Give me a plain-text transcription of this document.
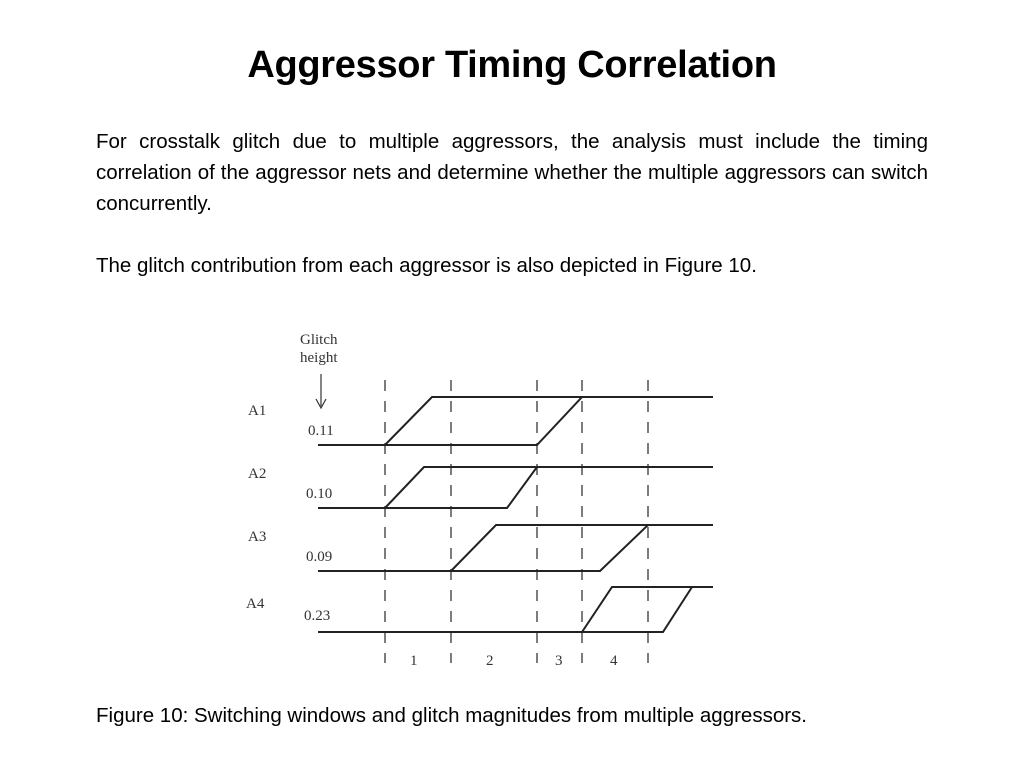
Aggressor Timing Correlation

For crosstalk glitch due to multiple aggressors, the analysis must include the timing correlation of the aggressor nets and determine whether the multiple aggressors can switch concurrently.

The glitch contribution from each aggressor is also depicted in Figure 10.

Glitch
height
A1
0.11
A2
0.10
A3
0.09
A4
0.23
1	2	3	4
Figure 10: Switching windows and glitch magnitudes from multiple aggressors.
